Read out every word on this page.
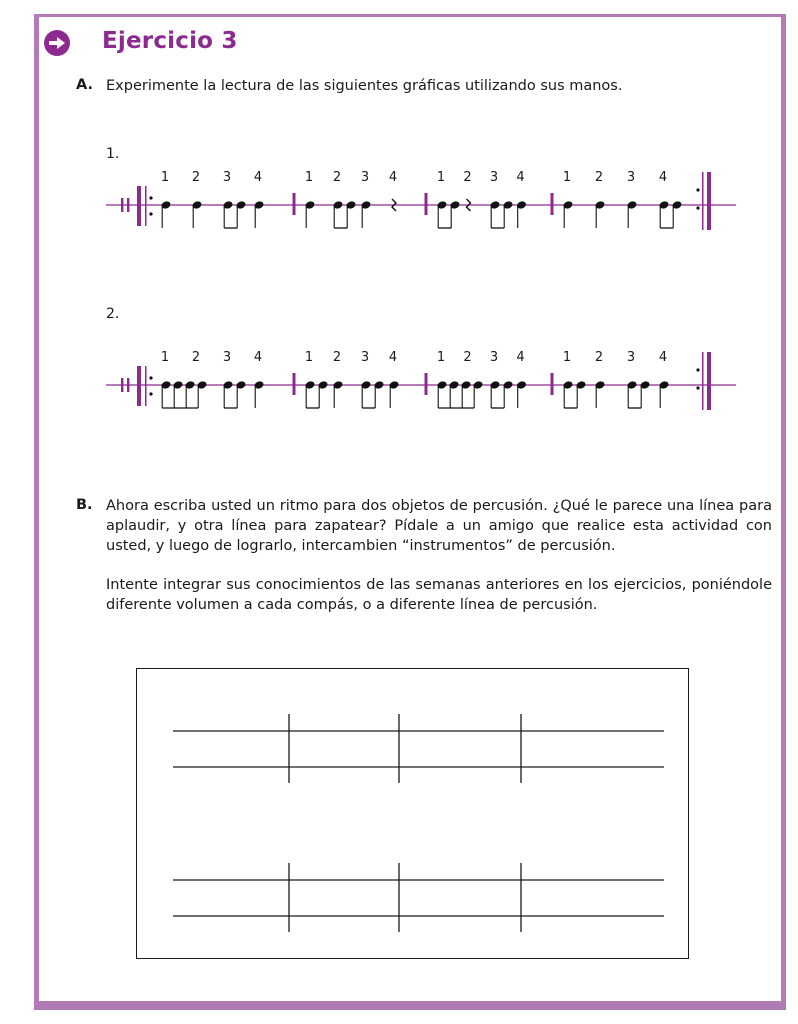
Ejercicio 3
A. Experimente la lectura de las siguientes gráficas utilizando sus manos.
1.
1 2 3 4	1 2 3 4	1 2 3 4	1 2 3 4
2.
1 2 3 4	1 2 3 4	1 2 3 4	1 2 3 4
B. Ahora escriba usted un ritmo para dos objetos de percusión. ¿Qué le parece una línea para aplaudir, y otra línea para zapatear? Pídale a un amigo que realice esta actividad con usted, y luego de lograrlo, intercambien “instrumentos” de percusión.
Intente integrar sus conocimientos de las semanas anteriores en los ejercicios, poniéndole diferente volumen a cada compás, o a diferente línea de percusión.
